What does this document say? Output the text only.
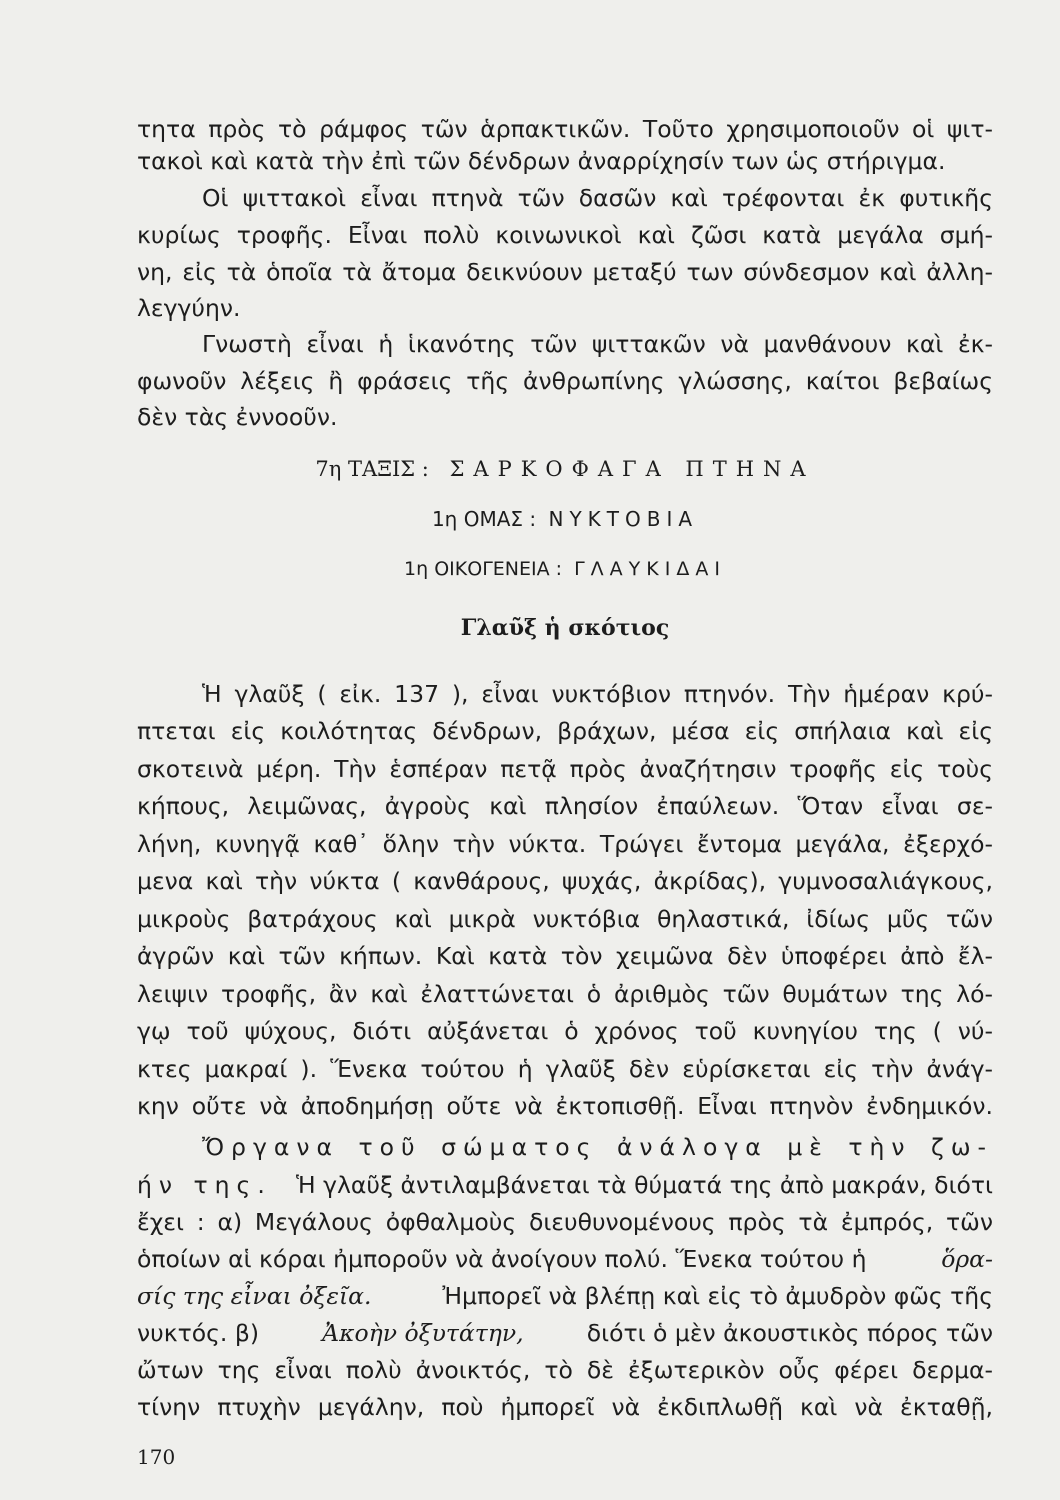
τητα πρὸς τὸ ράμφος τῶν ἁρπακτικῶν. Τοῦτο χρησιμοποιοῦν οἱ ψιτ-
τακοὶ καὶ κατὰ τὴν ἐπὶ τῶν δένδρων ἀναρρίχησίν των ὡς στήριγμα.
Οἱ ψιττακοὶ εἶναι πτηνὰ τῶν δασῶν καὶ τρέφονται ἐκ φυτικῆς
κυρίως τροφῆς. Εἶναι πολὺ κοινωνικοὶ καὶ ζῶσι κατὰ μεγάλα σμή-
νη, εἰς τὰ ὁποῖα τὰ ἄτομα δεικνύουν μεταξύ των σύνδεσμον καὶ ἀλλη-
λεγγύην.
Γνωστὴ εἶναι ἡ ἱκανότης τῶν ψιττακῶν νὰ μανθάνουν καὶ ἐκ-
φωνοῦν λέξεις ἢ φράσεις τῆς ἀνθρωπίνης γλώσσης, καίτοι βεβαίως
δὲν τὰς ἐννοοῦν.
7η ΤΑΞΙΣ : ΣΑΡΚΟΦΑΓΑ ΠΤΗΝΑ
1η ΟΜΑΣ : ΝΥΚΤΟΒΙΑ
1η ΟΙΚΟΓΕΝΕΙΑ : ΓΛΑΥΚΙΔΑΙ
Γλαῦξ ἡ σκότιος
Ἡ γλαῦξ ( εἰκ. 137 ), εἶναι νυκτόβιον πτηνόν. Τὴν ἡμέραν κρύ-
πτεται εἰς κοιλότητας δένδρων, βράχων, μέσα εἰς σπήλαια καὶ εἰς
σκοτεινὰ μέρη. Τὴν ἑσπέραν πετᾷ πρὸς ἀναζήτησιν τροφῆς εἰς τοὺς
κήπους, λειμῶνας, ἀγροὺς καὶ πλησίον ἐπαύλεων. Ὅταν εἶναι σε-
λήνη, κυνηγᾷ καθ᾿ ὅλην τὴν νύκτα. Τρώγει ἔντομα μεγάλα, ἐξερχό-
μενα καὶ τὴν νύκτα ( κανθάρους, ψυχάς, ἀκρίδας), γυμνοσαλιάγκους,
μικροὺς βατράχους καὶ μικρὰ νυκτόβια θηλαστικά, ἰδίως μῦς τῶν
ἀγρῶν καὶ τῶν κήπων. Καὶ κατὰ τὸν χειμῶνα δὲν ὑποφέρει ἀπὸ ἔλ-
λειψιν τροφῆς, ἂν καὶ ἐλαττώνεται ὁ ἀριθμὸς τῶν θυμάτων της λό-
γῳ τοῦ ψύχους, διότι αὐξάνεται ὁ χρόνος τοῦ κυνηγίου της ( νύ-
κτες μακραί ). Ἕνεκα τούτου ἡ γλαῦξ δὲν εὑρίσκεται εἰς τὴν ἀνάγ-
κην οὔτε νὰ ἀποδημήσῃ οὔτε νὰ ἐκτοπισθῇ. Εἶναι πτηνὸν ἐνδημικόν.
Ὄργανα τοῦ σώματος ἀνάλογα μὲ τὴν ζω-
ήν της. Ἡ γλαῦξ ἀντιλαμβάνεται τὰ θύματά της ἀπὸ μακράν, διότι
ἔχει : α) Μεγάλους ὀφθαλμοὺς διευθυνομένους πρὸς τὰ ἐμπρός, τῶν
ὁποίων αἱ κόραι ἠμποροῦν νὰ ἀνοίγουν πολύ. Ἕνεκα τούτου ἡ	ὅρα-
σίς της εἶναι ὀξεῖα.	Ἠμπορεῖ νὰ βλέπῃ καὶ εἰς τὸ ἀμυδρὸν φῶς τῆς
νυκτός. β)	Ἀκοὴν ὀξυτάτην,	διότι ὁ μὲν ἀκουστικὸς πόρος τῶν
ὤτων της εἶναι πολὺ ἀνοικτός, τὸ δὲ ἐξωτερικὸν οὖς φέρει δερμα-
τίνην πτυχὴν μεγάλην, ποὺ ἠμπορεῖ νὰ ἐκδιπλωθῇ καὶ νὰ ἐκταθῇ,
170
